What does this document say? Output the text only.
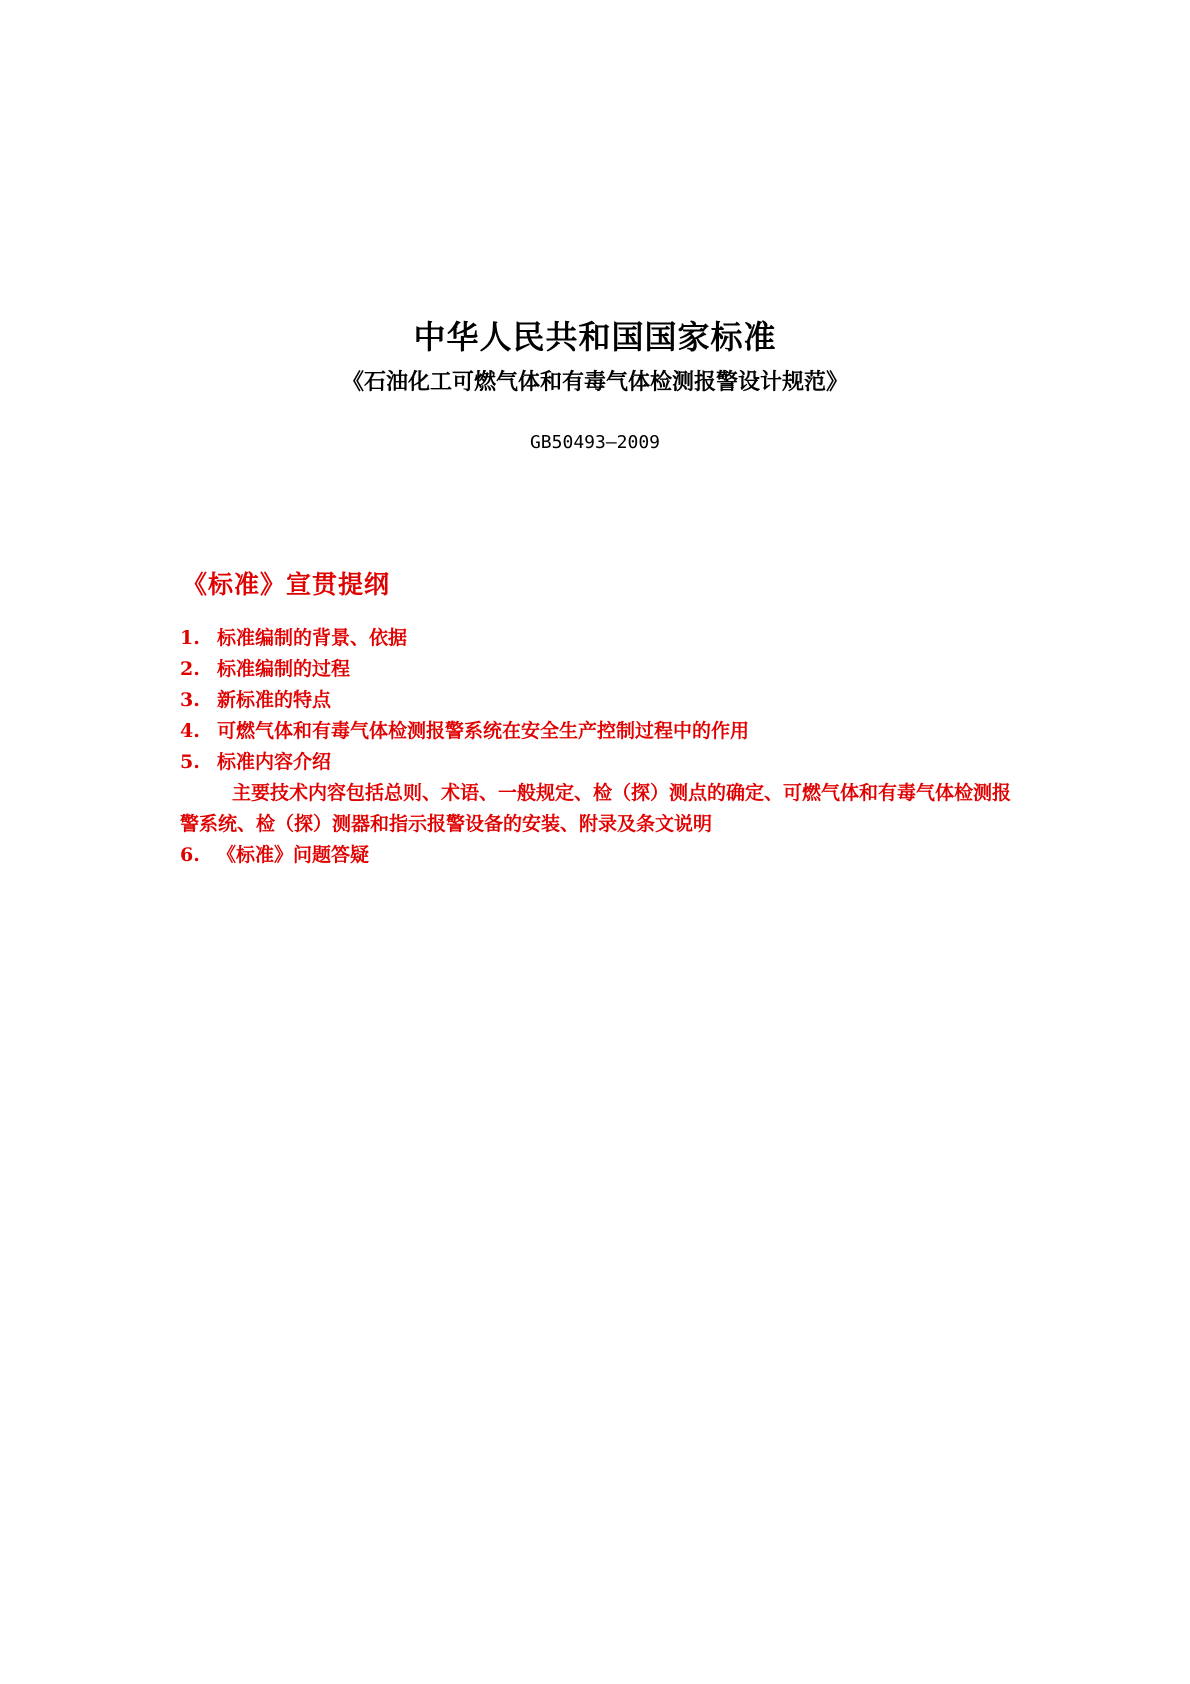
中华人民共和国国家标准
《石油化工可燃气体和有毒气体检测报警设计规范》

GB50493—2009

《标准》宣贯提纲
1. 标准编制的背景、依据
2. 标准编制的过程
3. 新标准的特点
4. 可燃气体和有毒气体检测报警系统在安全生产控制过程中的作用
5. 标准内容介绍

主要技术内容包括总则、术语、一般规定、检（探）测点的确定、可燃气体和有毒气体检测报警系统、检（探）测器和指示报警设备的安装、附录及条文说明

6. 《标准》问题答疑
